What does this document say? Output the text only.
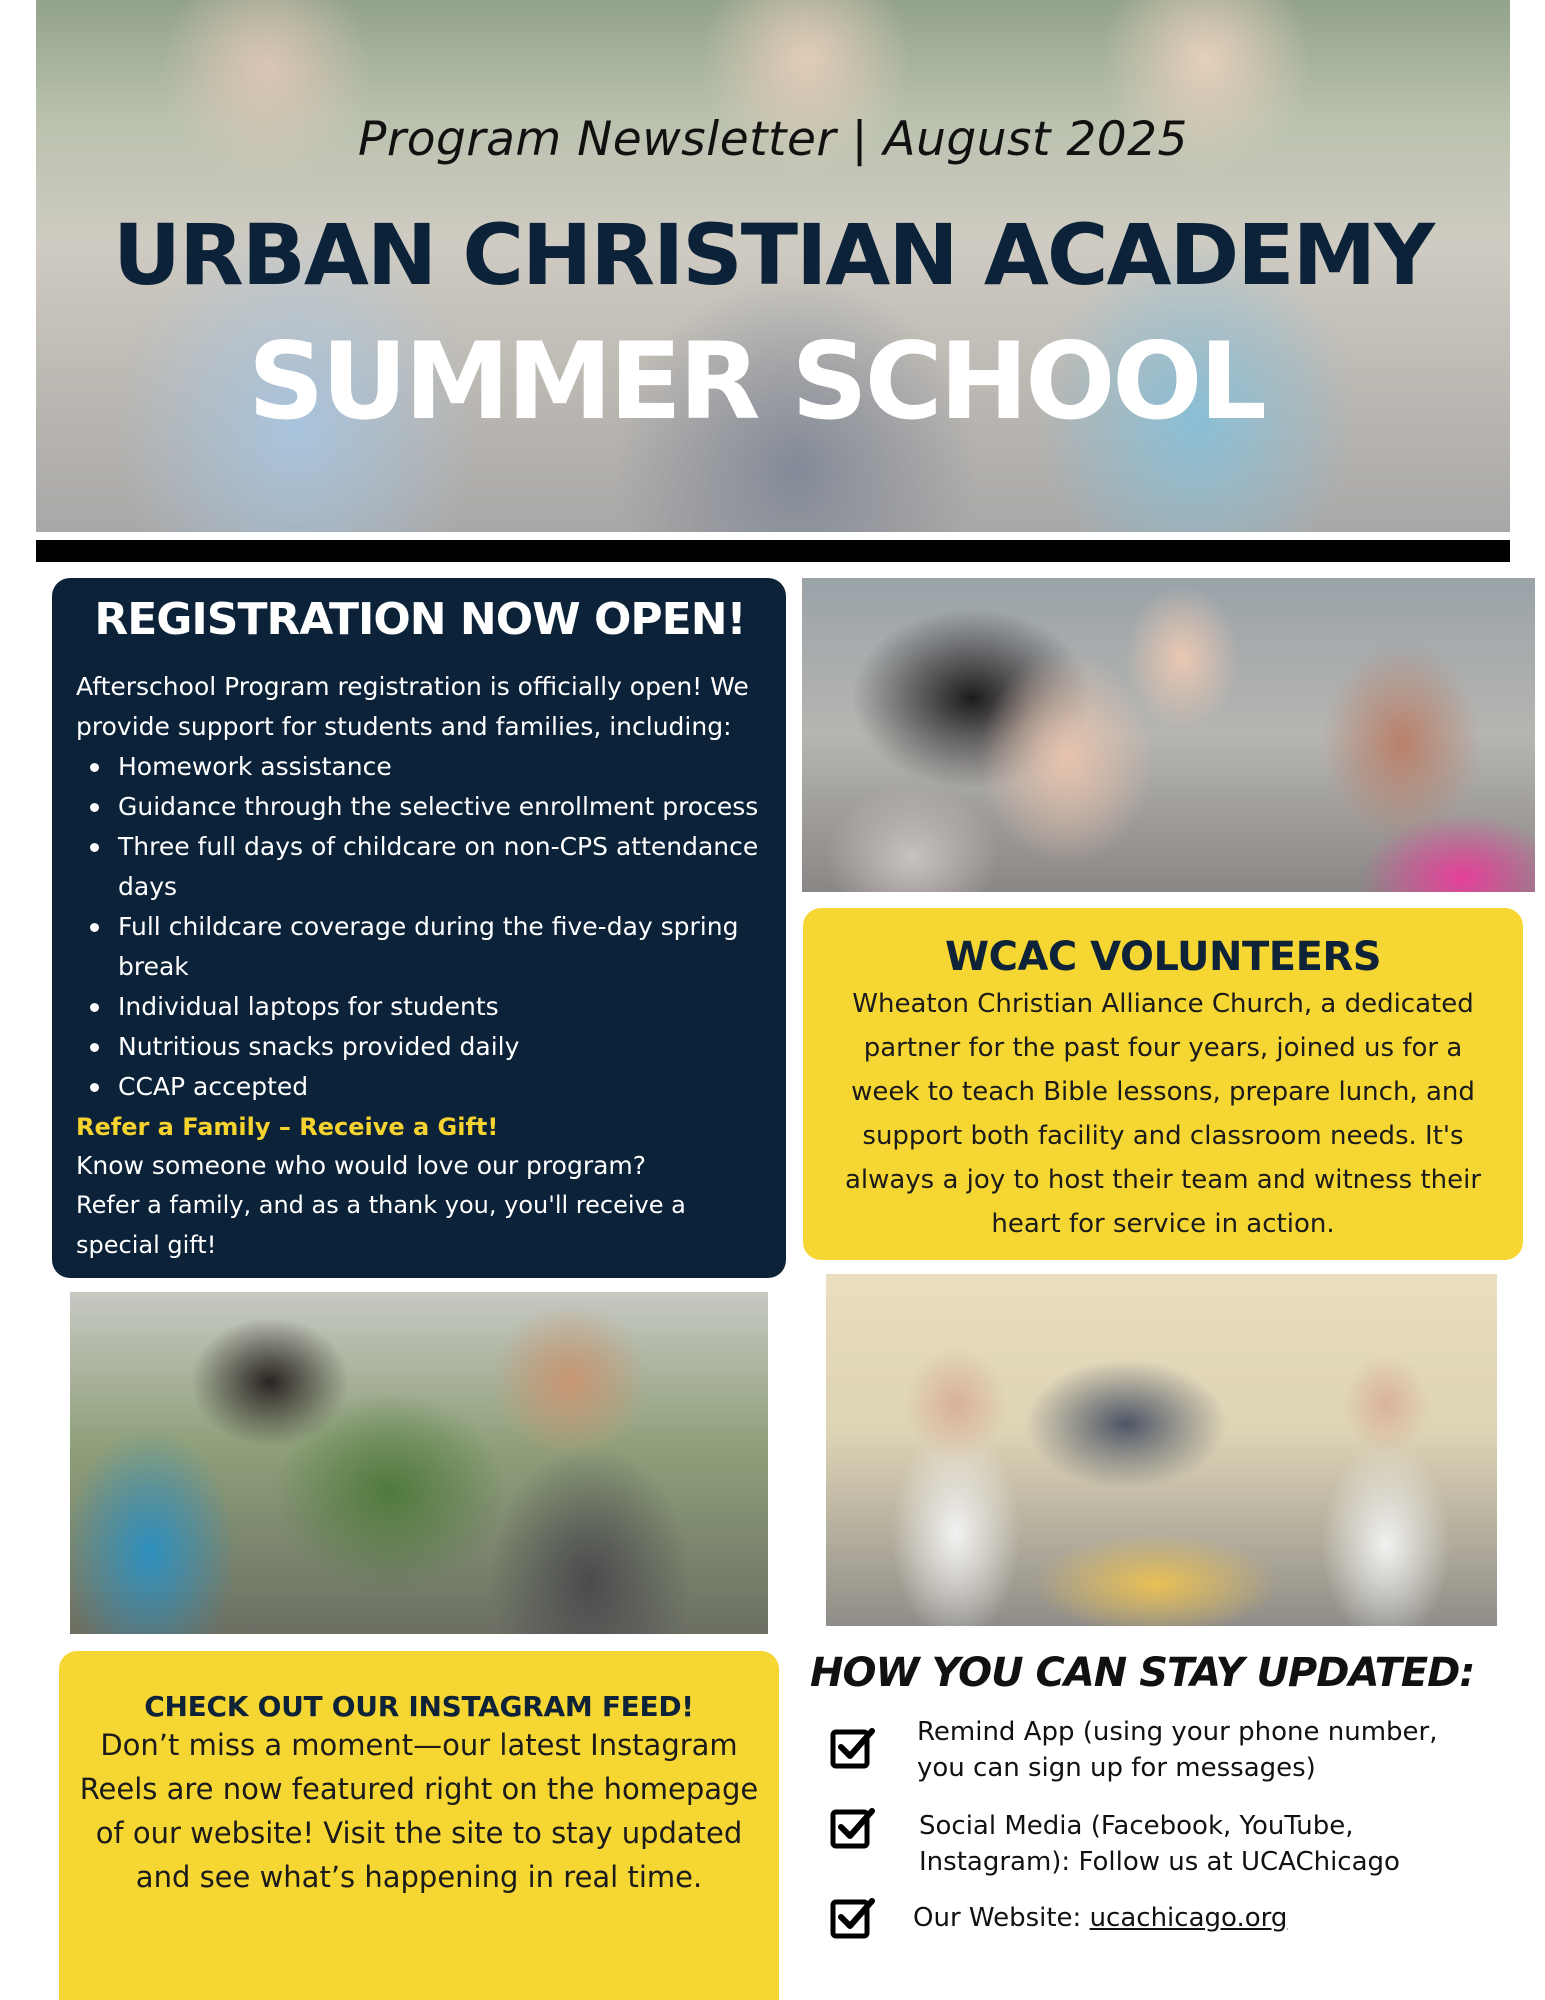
Program Newsletter | August 2025
URBAN CHRISTIAN ACADEMY
SUMMER SCHOOL
REGISTRATION NOW OPEN!

Afterschool Program registration is officially open! We provide support for students and families, including:

Homework assistance
Guidance through the selective enrollment process
Three full days of childcare on non-CPS attendance days
Full childcare coverage during the five-day spring break
Individual laptops for students
Nutritious snacks provided daily
CCAP accepted
Refer a Family – Receive a Gift!
Know someone who would love our program?
Refer a family, and as a thank you, you'll receive a special gift!
WCAC VOLUNTEERS

Wheaton Christian Alliance Church, a dedicated partner for the past four years, joined us for a week to teach Bible lessons, prepare lunch, and support both facility and classroom needs. It's always a joy to host their team and witness their heart for service in action.

CHECK OUT OUR INSTAGRAM FEED!

Don’t miss a moment—our latest Instagram Reels are now featured right on the homepage of our website! Visit the site to stay updated and see what’s happening in real time.

HOW YOU CAN STAY UPDATED:
Remind App (using your phone number,
you can sign up for messages)
Social Media (Facebook, YouTube,
Instagram): Follow us at UCAChicago
Our Website: ucachicago.org
